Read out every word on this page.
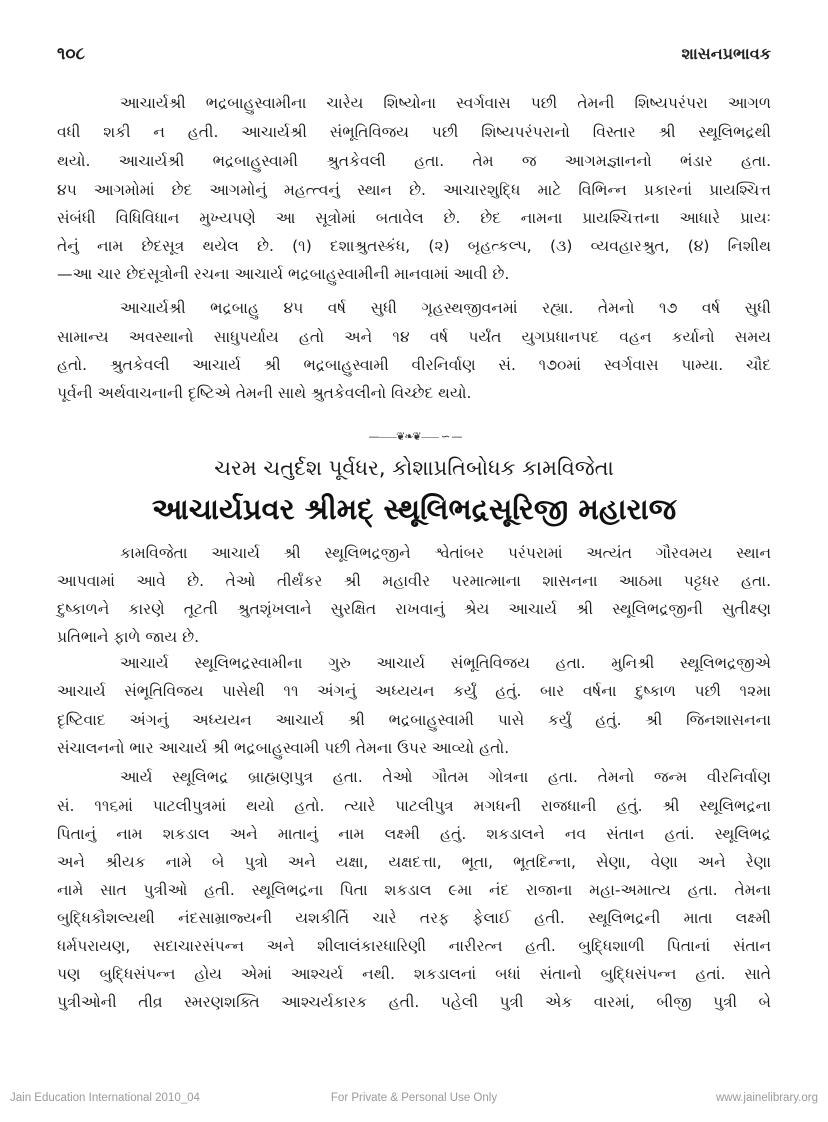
૧૦૮	શાસનપ્રભાવક
આચાર્યશ્રી ભદ્રબાહુસ્વામીના ચારેય શિષ્યોના સ્વર્ગવાસ પછી તેમની શિષ્યપરંપરા આગળ
વધી શકી ન હતી. આચાર્યશ્રી સંભૂતિવિજય પછી શિષ્યપરંપરાનો વિસ્તાર શ્રી સ્થૂલિભદ્રથી
થયો. આચાર્યશ્રી ભદ્રબાહુસ્વામી શ્રુતકેવલી હતા. તેમ જ આગમજ્ઞાનનો ભંડાર હતા.
૪૫ આગમોમાં છેદ આગમોનું મહત્ત્વનું સ્થાન છે. આચારશુદ્ધિ માટે વિભિન્ન પ્રકારનાં પ્રાયશ્ચિત્ત
સંબંધી વિધિવિધાન મુખ્યપણે આ સૂત્રોમાં બતાવેલ છે. છેદ નામના પ્રાયશ્ચિત્તના આધારે પ્રાયઃ
તેનું નામ છેદસૂત્ર થયેલ છે. (૧) દશાશ્રુતસ્કંધ, (૨) બૃહત્કલ્પ, (૩) વ્યવહારશ્રુત, (૪) નિશીથ
—આ ચાર છેદસૂત્રોની રચના આચાર્ય ભદ્રબાહુસ્વામીની માનવામાં આવી છે.
આચાર્યશ્રી ભદ્રબાહુ ૪૫ વર્ષ સુધી ગૃહસ્થજીવનમાં રહ્યા. તેમનો ૧૭ વર્ષ સુધી
સામાન્ય અવસ્થાનો સાધુપર્યાય હતો અને ૧૪ વર્ષ પર્યંત યુગપ્રધાનપદ વહન કર્યાનો સમય
હતો. શ્રુતકેવલી આચાર્ય શ્રી ભદ્રબાહુસ્વામી વીરનિર્વાણ સં. ૧૭૦માં સ્વર્ગવાસ પામ્યા. ચૌદ
પૂર્વની અર્થવાચનાની દૃષ્ટિએ તેમની સાથે શ્રુતકેવલીનો વિચ્છેદ થયો.
—⸺❦❧❦⸺ ∽ —
ચરમ ચતુર્દશ પૂર્વધર, કોશાપ્રતિબોધક કામવિજેતા
આચાર્યપ્રવર શ્રીમદ્ સ્થૂલિભદ્રસૂરિજી મહારાજ
કામવિજેતા આચાર્ય શ્રી સ્થૂલિભદ્રજીને શ્વેતાંબર પરંપરામાં અત્યંત ગૌરવમય સ્થાન
આપવામાં આવે છે. તેઓ તીર્થંકર શ્રી મહાવીર પરમાત્માના શાસનના આઠમા પટ્ટધર હતા.
દુષ્કાળને કારણે તૂટતી શ્રુતશૃંખલાને સુરક્ષિત રાખવાનું શ્રેય આચાર્ય શ્રી સ્થૂલિભદ્રજીની સુતીક્ષ્ણ
પ્રતિભાને ફાળે જાય છે.
આચાર્ય સ્થૂલિભદ્રસ્વામીના ગુરુ આચાર્ય સંભૂતિવિજય હતા. મુનિશ્રી સ્થૂલિભદ્રજીએ
આચાર્ય સંભૂતિવિજય પાસેથી ૧૧ અંગનું અધ્યયન કર્યું હતું. બાર વર્ષના દુષ્કાળ પછી ૧૨મા
દૃષ્ટિવાદ અંગનું અધ્યયન આચાર્ય શ્રી ભદ્રબાહુસ્વામી પાસે કર્યું હતું. શ્રી જિનશાસનના
સંચાલનનો ભાર આચાર્ય શ્રી ભદ્રબાહુસ્વામી પછી તેમના ઉપર આવ્યો હતો.
આર્ય સ્થૂલિભદ્ર બ્રાહ્મણપુત્ર હતા. તેઓ ગૌતમ ગોત્રના હતા. તેમનો જન્મ વીરનિર્વાણ
સં. ૧૧૬માં પાટલીપુત્રમાં થયો હતો. ત્યારે પાટલીપુત્ર મગધની રાજધાની હતું. શ્રી સ્થૂલિભદ્રના
પિતાનું નામ શકડાલ અને માતાનું નામ લક્ષ્મી હતું. શકડાલને નવ સંતાન હતાં. સ્થૂલિભદ્ર
અને શ્રીયક નામે બે પુત્રો અને યક્ષા, યક્ષદત્તા, ભૂતા, ભૂતદિન્ના, સેણા, વેણા અને રેણા
નામે સાત પુત્રીઓ હતી. સ્થૂલિભદ્રના પિતા શકડાલ ૯મા નંદ રાજાના મહા-અમાત્ય હતા. તેમના
બુદ્ધિકૌશલ્યથી નંદસામ્રાજ્યની યશકીર્તિ ચારે તરફ ફેલાઈ હતી. સ્થૂલિભદ્રની માતા લક્ષ્મી
ધર્મપરાયણ, સદાચારસંપન્ન અને શીલાલંકારધારિણી નારીરત્ન હતી. બુદ્ધિશાળી પિતાનાં સંતાન
પણ બુદ્ધિસંપન્ન હોય એમાં આશ્ચર્ય નથી. શકડાલનાં બધાં સંતાનો બુદ્ધિસંપન્ન હતાં. સાતે
પુત્રીઓની તીવ્ર સ્મરણશક્તિ આશ્ચર્યકારક હતી. પહેલી પુત્રી એક વારમાં, બીજી પુત્રી બે
Jain Education International 2010_04	For Private & Personal Use Only	www.jainelibrary.org
